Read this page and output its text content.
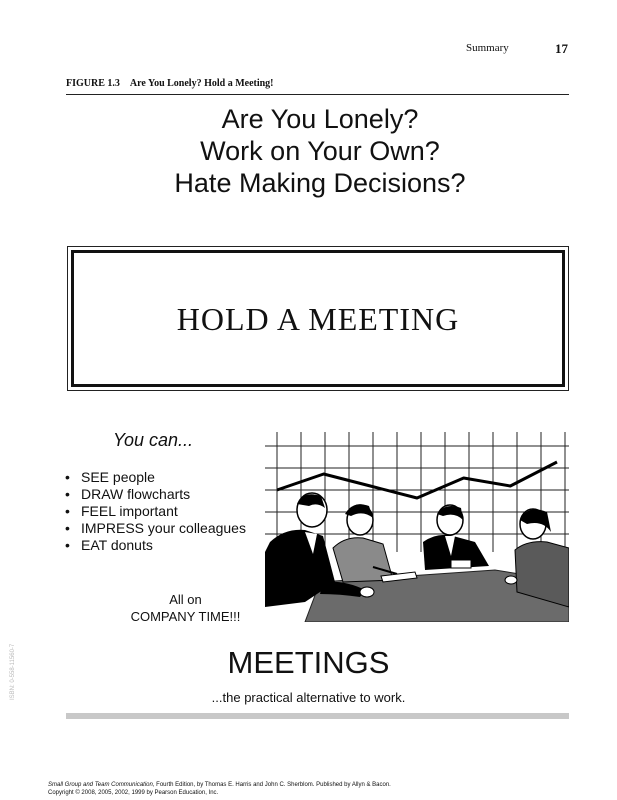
Summary	17
FIGURE 1.3 Are You Lonely? Hold a Meeting!
Are You Lonely?
Work on Your Own?
Hate Making Decisions?
HOLD A MEETING
You can...
• SEE people
• DRAW flowcharts
• FEEL important
• IMPRESS your colleagues
• EAT donuts
All on
COMPANY TIME!!!
MEETINGS
...the practical alternative to work.
ISBN: 0-558-11560-7
Small Group and Team Communication, Fourth Edition, by Thomas E. Harris and John C. Sherblom. Published by Allyn & Bacon.
Copyright © 2008, 2005, 2002, 1999 by Pearson Education, Inc.
